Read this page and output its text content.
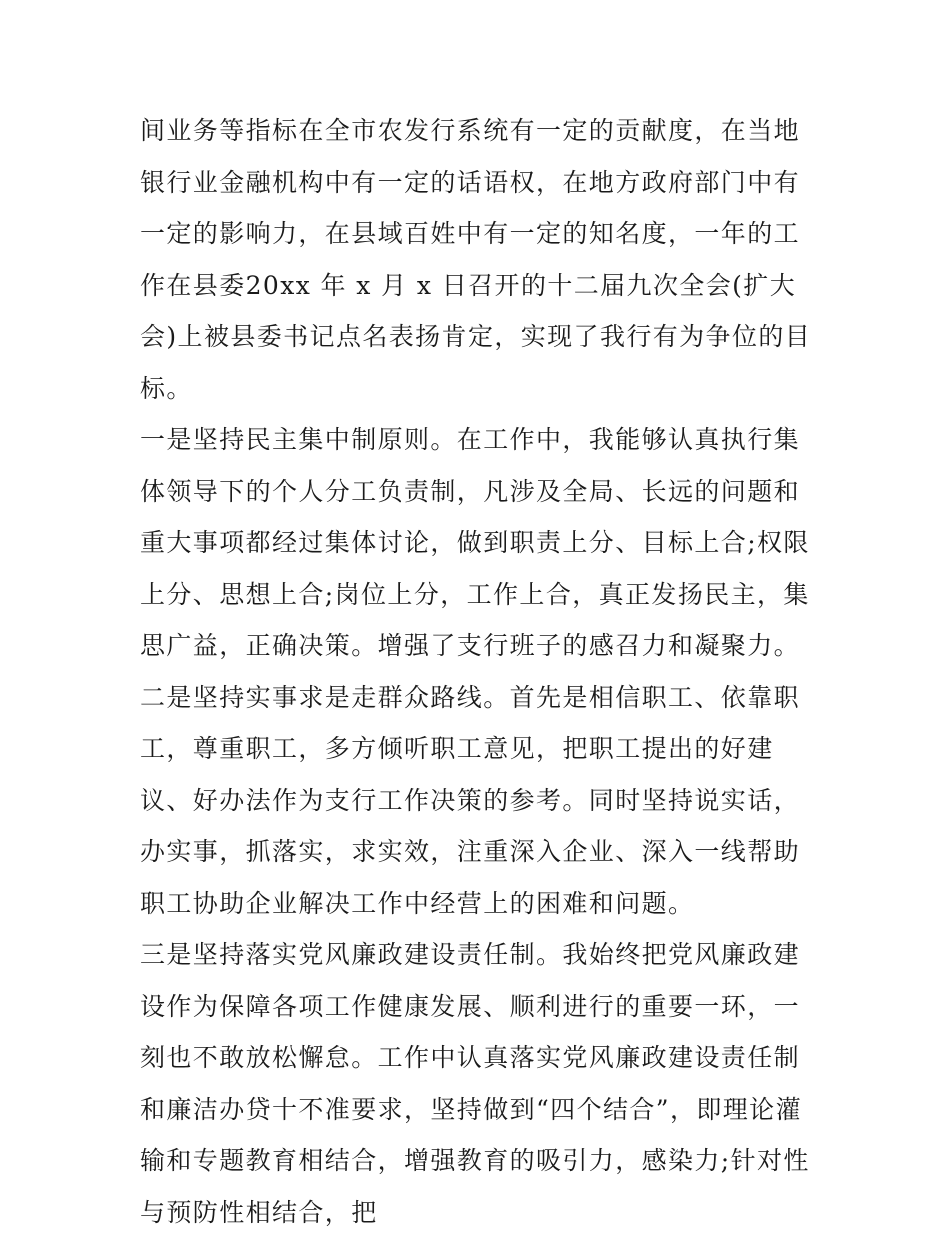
间业务等指标在全市农发行系统有一定的贡献度，在当地银行业金融机构中有一定的话语权，在地方政府部门中有一定的影响力，在县域百姓中有一定的知名度，一年的工作在县委20xx 年 x 月 x 日召开的十二届九次全会(扩大会)上被县委书记点名表扬肯定，实现了我行有为争位的目标。

一是坚持民主集中制原则。在工作中，我能够认真执行集体领导下的个人分工负责制，凡涉及全局、长远的问题和重大事项都经过集体讨论，做到职责上分、目标上合;权限上分、思想上合;岗位上分，工作上合，真正发扬民主，集思广益，正确决策。增强了支行班子的感召力和凝聚力。

二是坚持实事求是走群众路线。首先是相信职工、依靠职工，尊重职工，多方倾听职工意见，把职工提出的好建议、好办法作为支行工作决策的参考。同时坚持说实话，办实事，抓落实，求实效，注重深入企业、深入一线帮助职工协助企业解决工作中经营上的困难和问题。

三是坚持落实党风廉政建设责任制。我始终把党风廉政建设作为保障各项工作健康发展、顺利进行的重要一环，一刻也不敢放松懈怠。工作中认真落实党风廉政建设责任制和廉洁办贷十不准要求，坚持做到“四个结合”，即理论灌输和专题教育相结合，增强教育的吸引力，感染力;针对性与预防性相结合，把
